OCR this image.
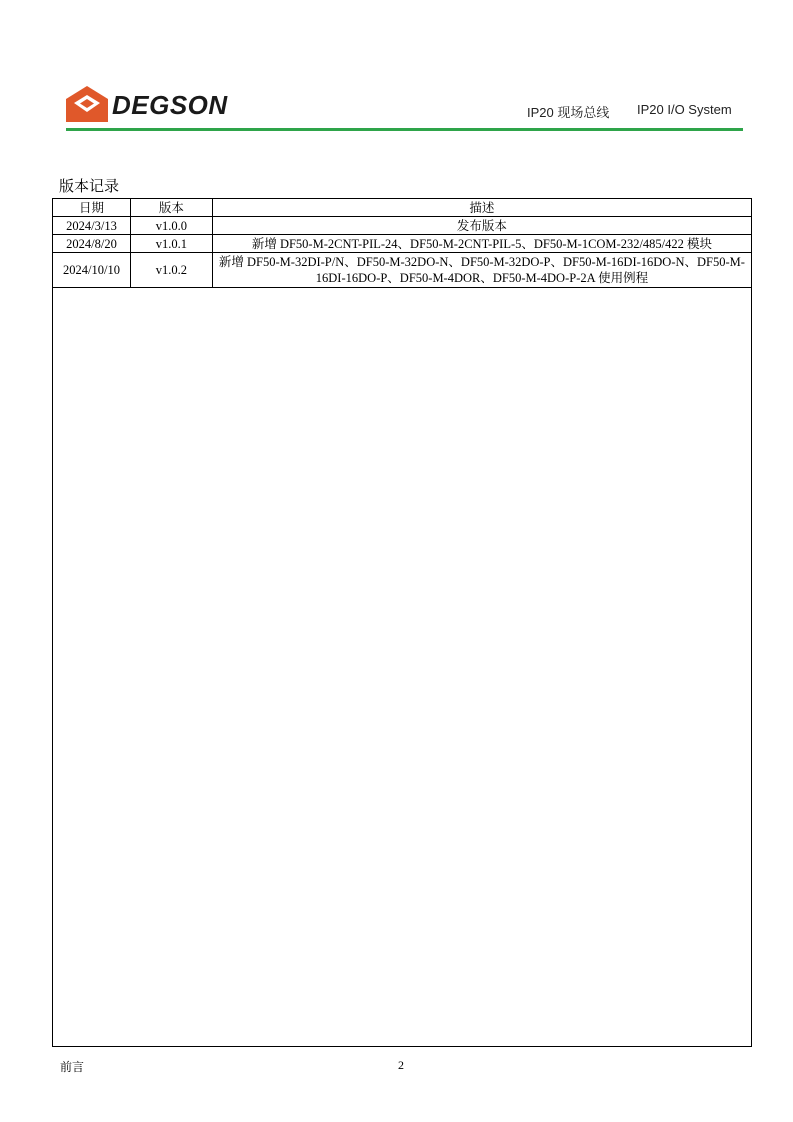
DEGSON	IP20 现场总线 IP20 I/O System
版本记录
日期	版本	描述
2024/3/13	v1.0.0	发布版本
2024/8/20	v1.0.1	新增 DF50-M-2CNT-PIL-24、DF50-M-2CNT-PIL-5、DF50-M-1COM-232/485/422 模块
2024/10/10	v1.0.2	新增 DF50-M-32DI-P/N、DF50-M-32DO-N、DF50-M-32DO-P、DF50-M-16DI-16DO-N、DF50-M-16DI-16DO-P、DF50-M-4DOR、DF50-M-4DO-P-2A 使用例程
前言	2
